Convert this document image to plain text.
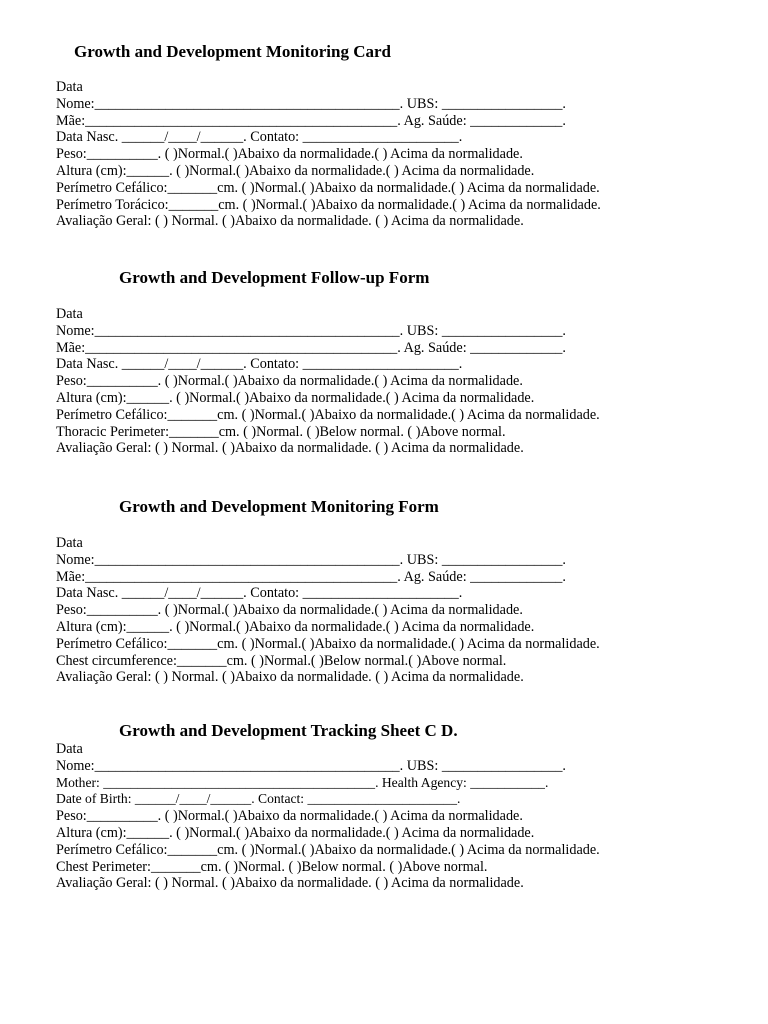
Growth and Development Monitoring Card
Data
Nome:___________________________________________. UBS: _________________.
Mãe:____________________________________________. Ag. Saúde: _____________.
Data Nasc. ______/____/______. Contato: ______________________.
Peso:__________. ( )Normal.( )Abaixo da normalidade.( ) Acima da normalidade.
Altura (cm):______. ( )Normal.( )Abaixo da normalidade.( ) Acima da normalidade.
Perímetro Cefálico:_______cm. ( )Normal.( )Abaixo da normalidade.( ) Acima da normalidade.
Perímetro Torácico:_______cm. ( )Normal.( )Abaixo da normalidade.( ) Acima da normalidade.
Avaliação Geral: ( ) Normal. ( )Abaixo da normalidade. ( ) Acima da normalidade.
Growth and Development Follow-up Form
Data
Nome:___________________________________________. UBS: _________________.
Mãe:____________________________________________. Ag. Saúde: _____________.
Data Nasc. ______/____/______. Contato: ______________________.
Peso:__________. ( )Normal.( )Abaixo da normalidade.( ) Acima da normalidade.
Altura (cm):______. ( )Normal.( )Abaixo da normalidade.( ) Acima da normalidade.
Perímetro Cefálico:_______cm. ( )Normal.( )Abaixo da normalidade.( ) Acima da normalidade.
Thoracic Perimeter:_______cm. ( )Normal. ( )Below normal. ( )Above normal.
Avaliação Geral: ( ) Normal. ( )Abaixo da normalidade. ( ) Acima da normalidade.
Growth and Development Monitoring Form
Data
Nome:___________________________________________. UBS: _________________.
Mãe:____________________________________________. Ag. Saúde: _____________.
Data Nasc. ______/____/______. Contato: ______________________.
Peso:__________. ( )Normal.( )Abaixo da normalidade.( ) Acima da normalidade.
Altura (cm):______. ( )Normal.( )Abaixo da normalidade.( ) Acima da normalidade.
Perímetro Cefálico:_______cm. ( )Normal.( )Abaixo da normalidade.( ) Acima da normalidade.
Chest circumference:_______cm. ( )Normal.( )Below normal.( )Above normal.
Avaliação Geral: ( ) Normal. ( )Abaixo da normalidade. ( ) Acima da normalidade.
Growth and Development Tracking Sheet C D.
Data
Nome:___________________________________________. UBS: _________________.
Mother: ________________________________________. Health Agency: ___________.
Date of Birth: ______/____/______. Contact: ______________________.
Peso:__________. ( )Normal.( )Abaixo da normalidade.( ) Acima da normalidade.
Altura (cm):______. ( )Normal.( )Abaixo da normalidade.( ) Acima da normalidade.
Perímetro Cefálico:_______cm. ( )Normal.( )Abaixo da normalidade.( ) Acima da normalidade.
Chest Perimeter:_______cm. ( )Normal. ( )Below normal. ( )Above normal.
Avaliação Geral: ( ) Normal. ( )Abaixo da normalidade. ( ) Acima da normalidade.
